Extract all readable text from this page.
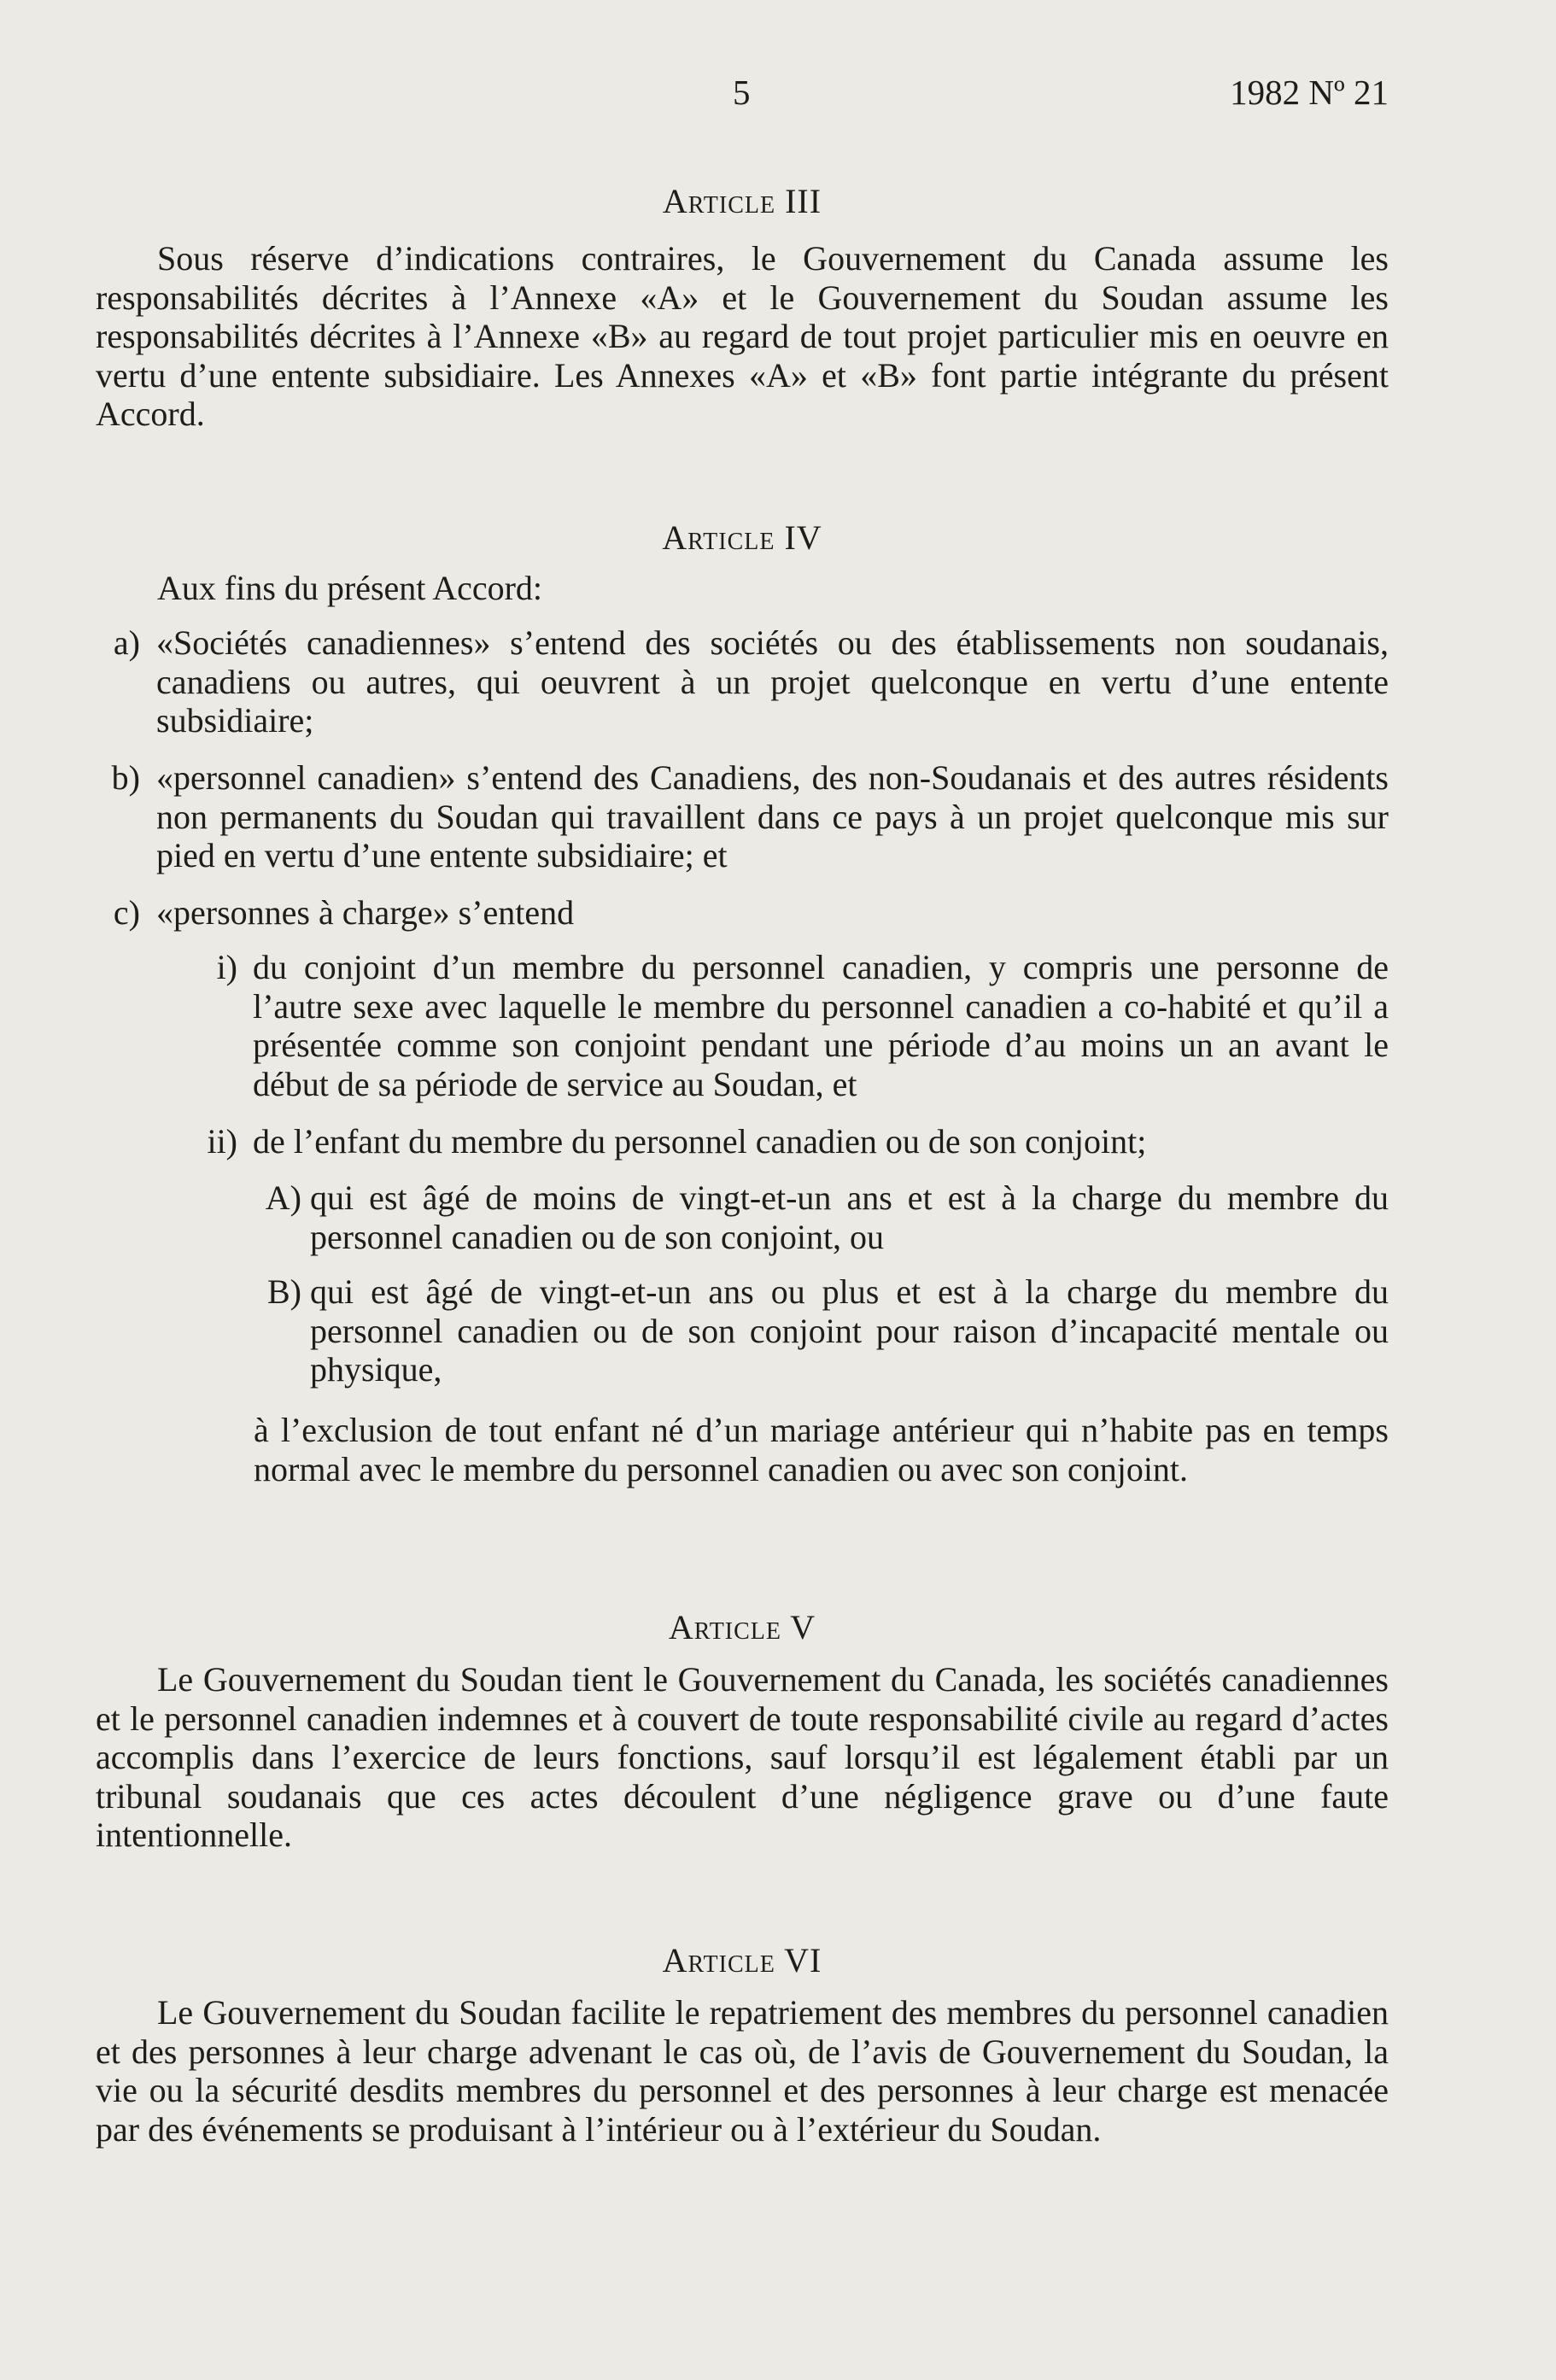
5	1982 Nº 21
Article III
Sous réserve d’indications contraires, le Gouvernement du Canada assume les responsabilités décrites à l’Annexe «A» et le Gouvernement du Soudan assume les responsabilités décrites à l’Annexe «B» au regard de tout projet particulier mis en oeuvre en vertu d’une entente subsidiaire. Les Annexes «A» et «B» font partie intégrante du présent Accord.
Article IV
Aux fins du présent Accord:
a) «Sociétés canadiennes» s’entend des sociétés ou des établissements non soudanais, canadiens ou autres, qui oeuvrent à un projet quelconque en vertu d’une entente subsidiaire;
b) «personnel canadien» s’entend des Canadiens, des non-Soudanais et des autres résidents non permanents du Soudan qui travaillent dans ce pays à un projet quelconque mis sur pied en vertu d’une entente subsidiaire; et
c) «personnes à charge» s’entend
i) du conjoint d’un membre du personnel canadien, y compris une personne de l’autre sexe avec laquelle le membre du personnel canadien a co-habité et qu’il a présentée comme son conjoint pendant une période d’au moins un an avant le début de sa période de service au Soudan, et
ii) de l’enfant du membre du personnel canadien ou de son conjoint;
A) qui est âgé de moins de vingt-et-un ans et est à la charge du membre du personnel canadien ou de son conjoint, ou
B) qui est âgé de vingt-et-un ans ou plus et est à la charge du membre du personnel canadien ou de son conjoint pour raison d’incapacité mentale ou physique,
à l’exclusion de tout enfant né d’un mariage antérieur qui n’habite pas en temps normal avec le membre du personnel canadien ou avec son conjoint.
Article V
Le Gouvernement du Soudan tient le Gouvernement du Canada, les sociétés canadiennes et le personnel canadien indemnes et à couvert de toute responsabilité civile au regard d’actes accomplis dans l’exercice de leurs fonctions, sauf lorsqu’il est légalement établi par un tribunal soudanais que ces actes découlent d’une négligence grave ou d’une faute intentionnelle.
Article VI
Le Gouvernement du Soudan facilite le repatriement des membres du personnel canadien et des personnes à leur charge advenant le cas où, de l’avis de Gouvernement du Soudan, la vie ou la sécurité desdits membres du personnel et des personnes à leur charge est menacée par des événements se produisant à l’intérieur ou à l’extérieur du Soudan.
